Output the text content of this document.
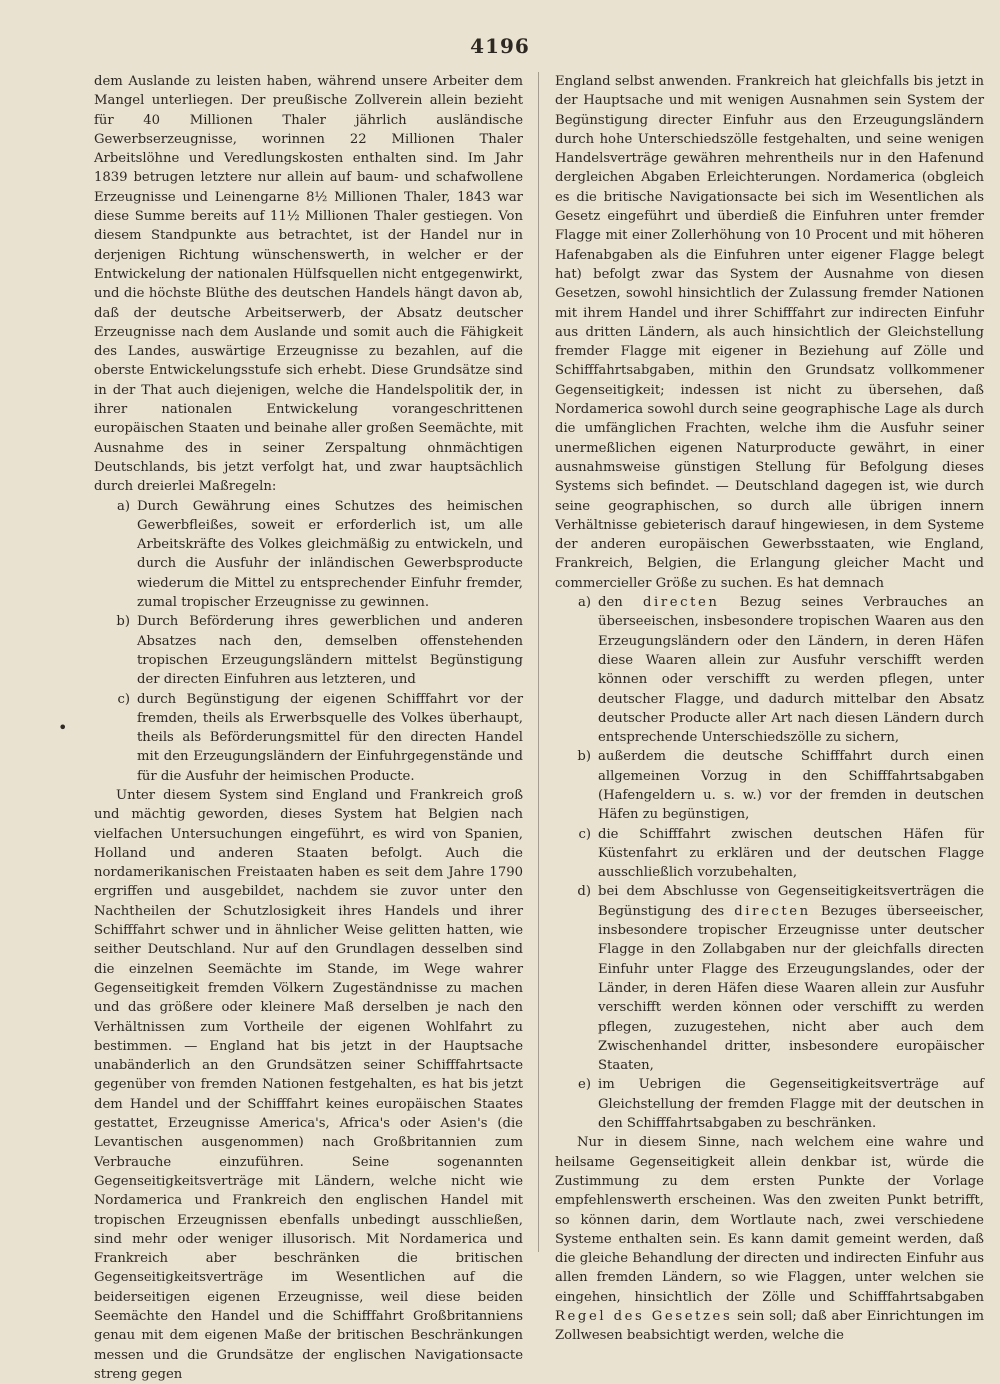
4196
•

dem Auslande zu leisten haben, während unsere Arbeiter dem Mangel unterliegen. Der preußische Zollverein allein bezieht für 40 Millionen Thaler jährlich ausländische Gewerbserzeugnisse, worinnen 22 Millionen Thaler Arbeitslöhne und Veredlungskosten enthalten sind. Im Jahr 1839 betrugen letztere nur allein auf baum- und schafwollene Erzeugnisse und Leinengarne 8½ Millionen Thaler, 1843 war diese Summe bereits auf 11½ Millionen Thaler gestiegen. Von diesem Standpunkte aus betrachtet, ist der Handel nur in derjenigen Richtung wünschenswerth, in welcher er der Entwickelung der nationalen Hülfsquellen nicht entgegenwirkt, und die höchste Blüthe des deutschen Handels hängt davon ab, daß der deutsche Arbeitserwerb, der Absatz deutscher Erzeugnisse nach dem Auslande und somit auch die Fähigkeit des Landes, auswärtige Erzeugnisse zu bezahlen, auf die oberste Entwickelungsstufe sich erhebt. Diese Grundsätze sind in der That auch diejenigen, welche die Handelspolitik der, in ihrer nationalen Entwickelung vorangeschrittenen europäischen Staaten und beinahe aller großen Seemächte, mit Ausnahme des in seiner Zerspaltung ohnmächtigen Deutschlands, bis jetzt verfolgt hat, und zwar hauptsächlich durch dreierlei Maßregeln:

a) Durch Gewährung eines Schutzes des heimischen Gewerbfleißes, soweit er erforderlich ist, um alle Arbeitskräfte des Volkes gleichmäßig zu entwickeln, und durch die Ausfuhr der inländischen Gewerbsproducte wiederum die Mittel zu entsprechender Einfuhr fremder, zumal tropischer Erzeugnisse zu gewinnen.
b) Durch Beförderung ihres gewerblichen und anderen Absatzes nach den, demselben offenstehenden tropischen Erzeugungsländern mittelst Begünstigung der directen Einfuhren aus letzteren, und
c) durch Begünstigung der eigenen Schifffahrt vor der fremden, theils als Erwerbsquelle des Volkes überhaupt, theils als Beförderungsmittel für den directen Handel mit den Erzeugungsländern der Einfuhrgegenstände und für die Ausfuhr der heimischen Producte.

Unter diesem System sind England und Frankreich groß und mächtig geworden, dieses System hat Belgien nach vielfachen Untersuchungen eingeführt, es wird von Spanien, Holland und anderen Staaten befolgt. Auch die nordamerikanischen Freistaaten haben es seit dem Jahre 1790 ergriffen und ausgebildet, nachdem sie zuvor unter den Nachtheilen der Schutzlosigkeit ihres Handels und ihrer Schifffahrt schwer und in ähnlicher Weise gelitten hatten, wie seither Deutschland. Nur auf den Grundlagen desselben sind die einzelnen Seemächte im Stande, im Wege wahrer Gegenseitigkeit fremden Völkern Zugeständnisse zu machen und das größere oder kleinere Maß derselben je nach den Verhältnissen zum Vortheile der eigenen Wohlfahrt zu bestimmen. — England hat bis jetzt in der Hauptsache unabänderlich an den Grundsätzen seiner Schifffahrtsacte gegenüber von fremden Nationen festgehalten, es hat bis jetzt dem Handel und der Schifffahrt keines europäischen Staates gestattet, Erzeugnisse America's, Africa's oder Asien's (die Levantischen ausgenommen) nach Großbritannien zum Verbrauche einzuführen. Seine sogenannten Gegenseitigkeitsverträge mit Ländern, welche nicht wie Nordamerica und Frankreich den englischen Handel mit tropischen Erzeugnissen ebenfalls unbedingt ausschließen, sind mehr oder weniger illusorisch. Mit Nordamerica und Frankreich aber beschränken die britischen Gegenseitigkeitsverträge im Wesentlichen auf die beiderseitigen eigenen Erzeugnisse, weil diese beiden Seemächte den Handel und die Schifffahrt Großbritanniens genau mit dem eigenen Maße der britischen Beschränkungen messen und die Grundsätze der englischen Navigationsacte streng gegen

England selbst anwenden. Frankreich hat gleichfalls bis jetzt in der Hauptsache und mit wenigen Ausnahmen sein System der Begünstigung directer Einfuhr aus den Erzeugungsländern durch hohe Unterschiedszölle festgehalten, und seine wenigen Handelsverträge gewähren mehrentheils nur in den Hafenund dergleichen Abgaben Erleichterungen. Nordamerica (obgleich es die britische Navigationsacte bei sich im Wesentlichen als Gesetz eingeführt und überdieß die Einfuhren unter fremder Flagge mit einer Zollerhöhung von 10 Procent und mit höheren Hafenabgaben als die Einfuhren unter eigener Flagge belegt hat) befolgt zwar das System der Ausnahme von diesen Gesetzen, sowohl hinsichtlich der Zulassung fremder Nationen mit ihrem Handel und ihrer Schifffahrt zur indirecten Einfuhr aus dritten Ländern, als auch hinsichtlich der Gleichstellung fremder Flagge mit eigener in Beziehung auf Zölle und Schifffahrtsabgaben, mithin den Grundsatz vollkommener Gegenseitigkeit; indessen ist nicht zu übersehen, daß Nordamerica sowohl durch seine geographische Lage als durch die umfänglichen Frachten, welche ihm die Ausfuhr seiner unermeßlichen eigenen Naturproducte gewährt, in einer ausnahmsweise günstigen Stellung für Befolgung dieses Systems sich befindet. — Deutschland dagegen ist, wie durch seine geographischen, so durch alle übrigen innern Verhältnisse gebieterisch darauf hingewiesen, in dem Systeme der anderen europäischen Gewerbsstaaten, wie England, Frankreich, Belgien, die Erlangung gleicher Macht und commercieller Größe zu suchen. Es hat demnach

a) den directen Bezug seines Verbrauches an überseeischen, insbesondere tropischen Waaren aus den Erzeugungsländern oder den Ländern, in deren Häfen diese Waaren allein zur Ausfuhr verschifft werden können oder verschifft zu werden pflegen, unter deutscher Flagge, und dadurch mittelbar den Absatz deutscher Producte aller Art nach diesen Ländern durch entsprechende Unterschiedszölle zu sichern,
b) außerdem die deutsche Schifffahrt durch einen allgemeinen Vorzug in den Schifffahrtsabgaben (Hafengeldern u. s. w.) vor der fremden in deutschen Häfen zu begünstigen,
c) die Schifffahrt zwischen deutschen Häfen für Küstenfahrt zu erklären und der deutschen Flagge ausschließlich vorzubehalten,
d) bei dem Abschlusse von Gegenseitigkeitsverträgen die Begünstigung des directen Bezuges überseeischer, insbesondere tropischer Erzeugnisse unter deutscher Flagge in den Zollabgaben nur der gleichfalls directen Einfuhr unter Flagge des Erzeugungslandes, oder der Länder, in deren Häfen diese Waaren allein zur Ausfuhr verschifft werden können oder verschifft zu werden pflegen, zuzugestehen, nicht aber auch dem Zwischenhandel dritter, insbesondere europäischer Staaten,
e) im Uebrigen die Gegenseitigkeitsverträge auf Gleichstellung der fremden Flagge mit der deutschen in den Schifffahrtsabgaben zu beschränken.

Nur in diesem Sinne, nach welchem eine wahre und heilsame Gegenseitigkeit allein denkbar ist, würde die Zustimmung zu dem ersten Punkte der Vorlage empfehlenswerth erscheinen. Was den zweiten Punkt betrifft, so können darin, dem Wortlaute nach, zwei verschiedene Systeme enthalten sein. Es kann damit gemeint werden, daß die gleiche Behandlung der directen und indirecten Einfuhr aus allen fremden Ländern, so wie Flaggen, unter welchen sie eingehen, hinsichtlich der Zölle und Schifffahrtsabgaben Regel des Gesetzes sein soll; daß aber Einrichtungen im Zollwesen beabsichtigt werden, welche die
